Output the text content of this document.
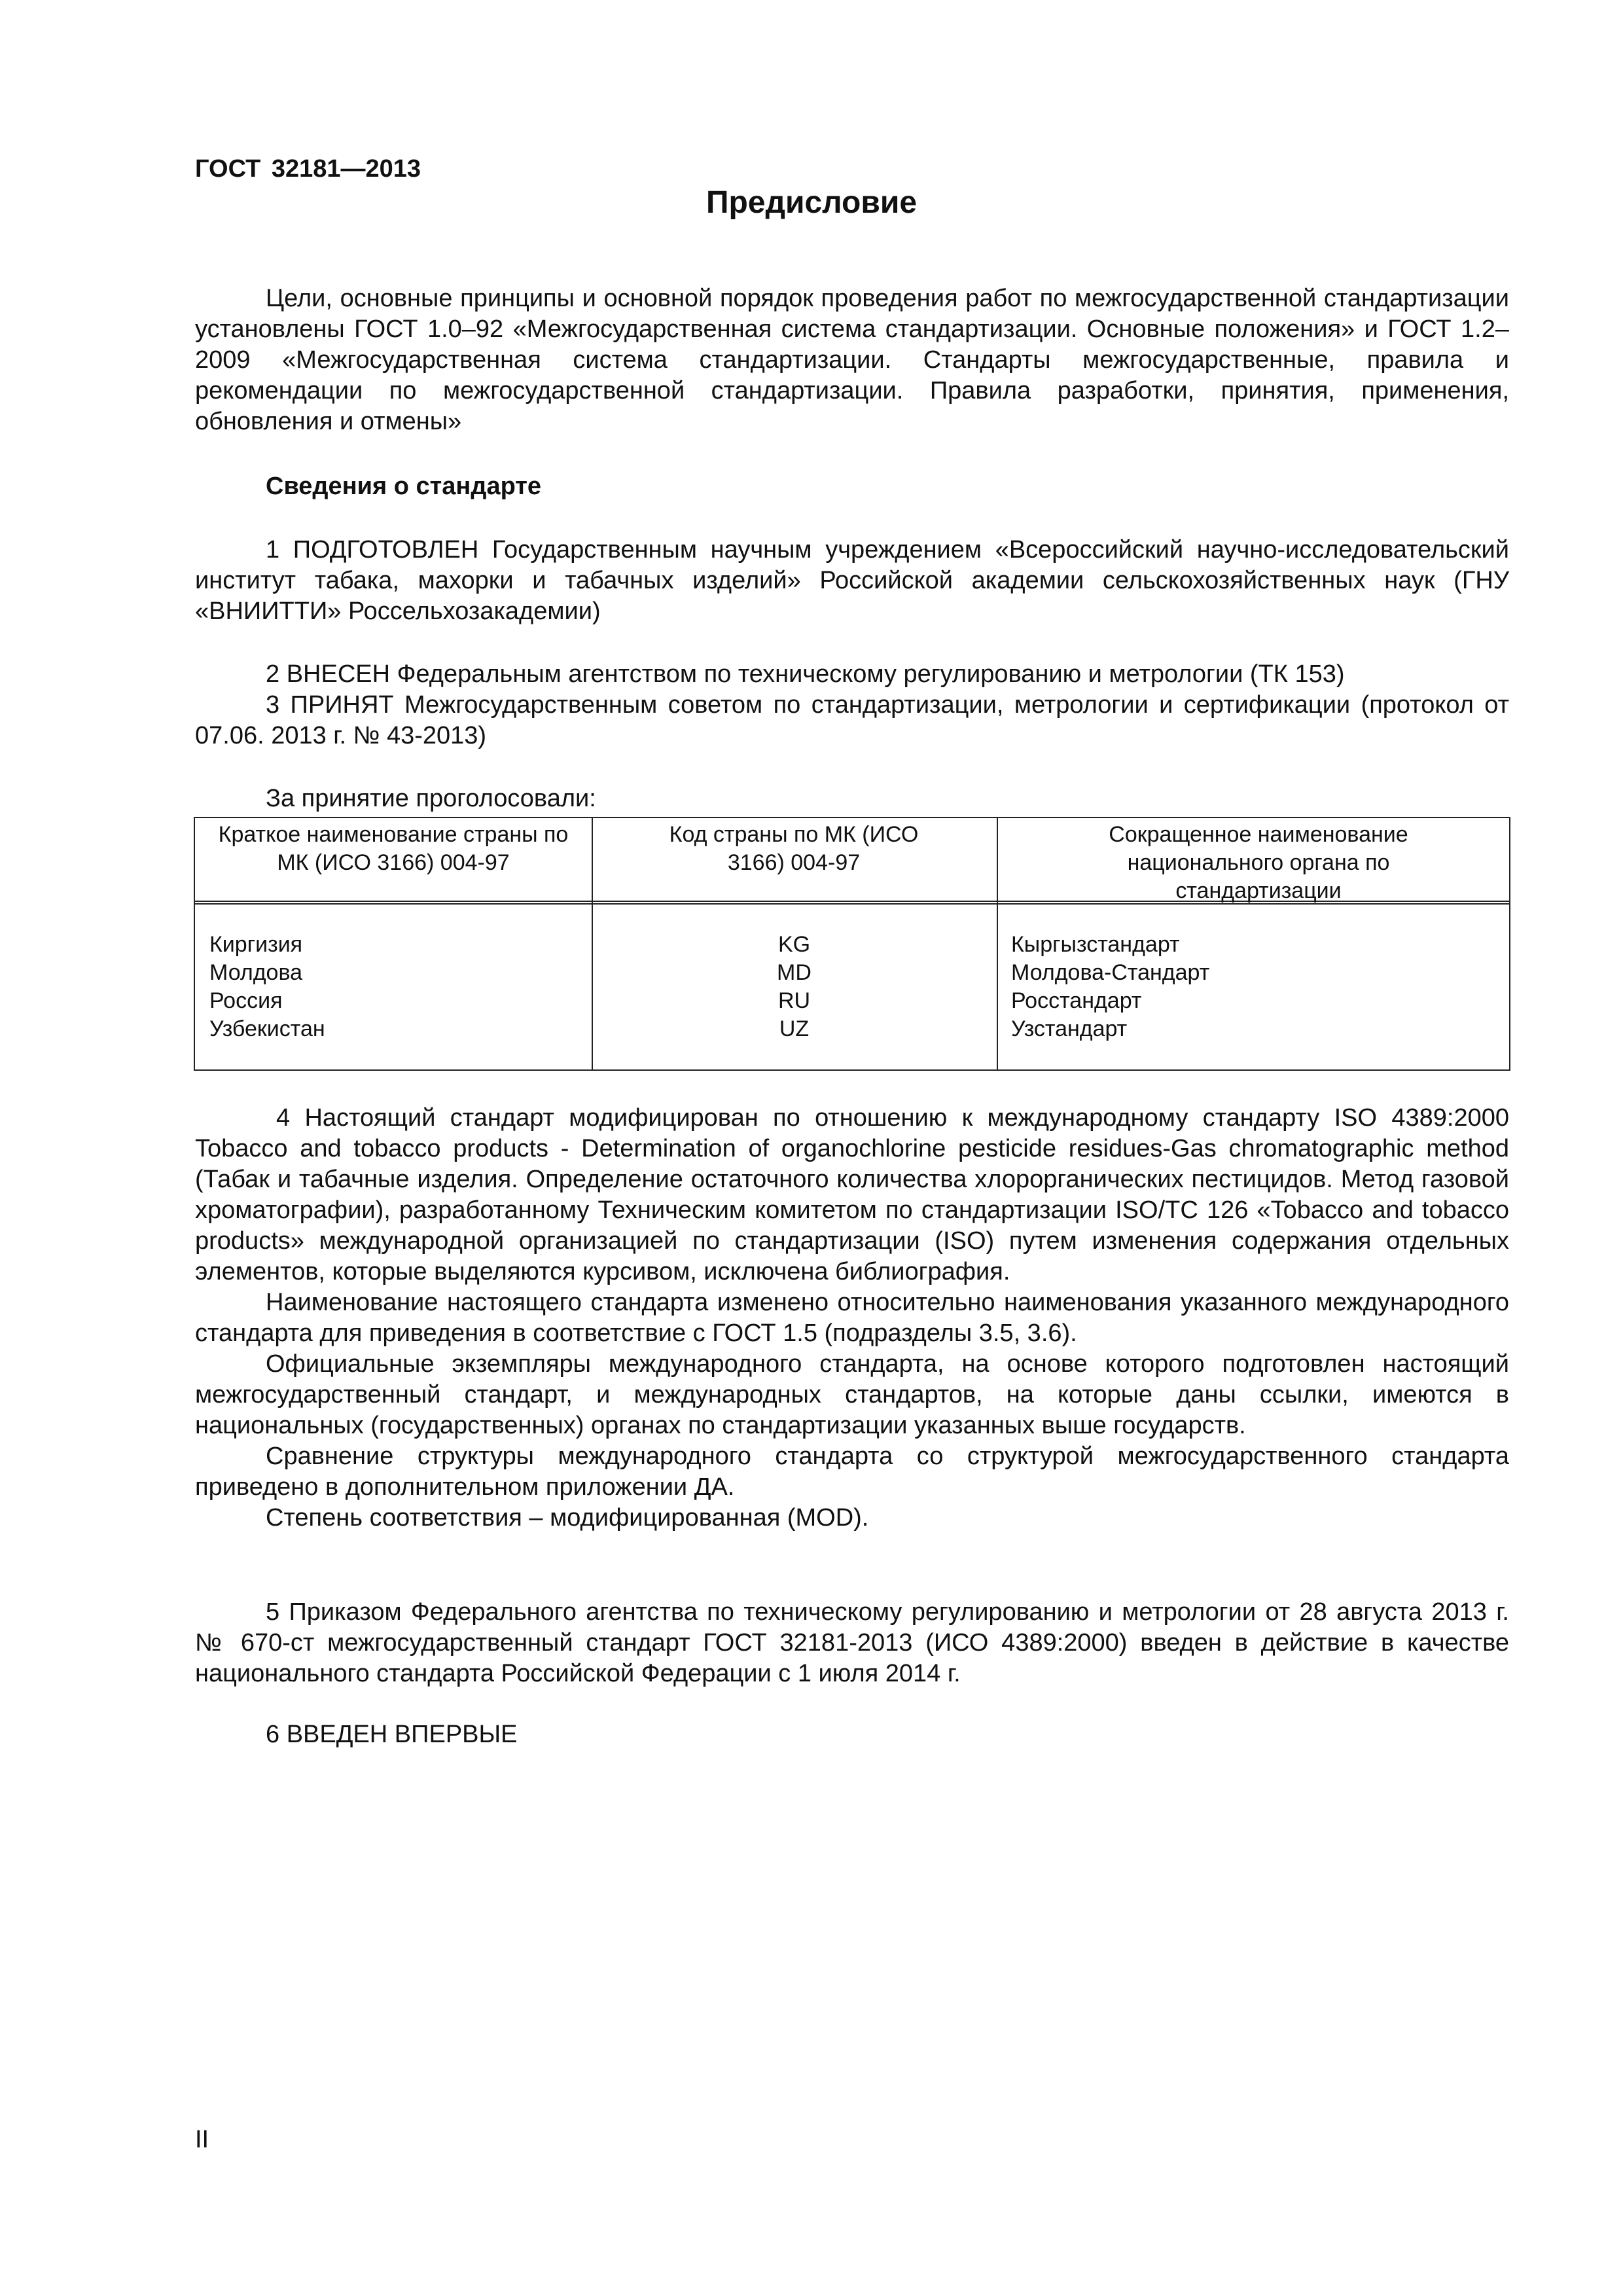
ГОСТ 32181—2013
Предисловие

Цели, основные принципы и основной порядок проведения работ по межгосударственной стандартизации установлены ГОСТ 1.0–92 «Межгосударственная система стандартизации. Основные положения» и ГОСТ 1.2–2009 «Межгосударственная система стандартизации. Стандарты межгосударственные, правила и рекомендации по межгосударственной стандартизации. Правила разработки, принятия, применения, обновления и отмены»

Сведения о стандарте

1 ПОДГОТОВЛЕН Государственным научным учреждением «Всероссийский научно-исследовательский институт табака, махорки и табачных изделий» Российской академии сельскохозяйственных наук (ГНУ «ВНИИТТИ» Россельхозакадемии)

2 ВНЕСЕН Федеральным агентством по техническому регулированию и метрологии (ТК 153)

3 ПРИНЯТ Межгосударственным советом по стандартизации, метрологии и сертификации (протокол от 07.06. 2013 г. № 43-2013)

За принятие проголосовали:

Краткое наименование страны по МК (ИСО 3166) 004-97
Код страны по МК (ИСО 3166) 004-97
Сокращенное наименование национального органа по стандартизации
Киргизия
Молдова
Россия
Узбекистан
KG
MD
RU
UZ
Кыргызстандарт
Молдова-Стандарт
Росстандарт
Узстандарт

4 Настоящий стандарт модифицирован по отношению к международному стандарту ISO 4389:2000 Tobacco and tobacco products - Determination of organochlorine pesticide residues-Gas chromatographic method (Табак и табачные изделия. Определение остаточного количества хлорорганических пестицидов. Метод газовой хроматографии), разработанному Техническим комитетом по стандартизации ISO/TC 126 «Tobacco and tobacco products» международной организацией по стандартизации (ISO) путем изменения содержания отдельных элементов, которые выделяются курсивом, исключена библиография.

Наименование настоящего стандарта изменено относительно наименования указанного международного стандарта для приведения в соответствие с ГОСТ 1.5 (подразделы 3.5, 3.6).

Официальные экземпляры международного стандарта, на основе которого подготовлен настоящий межгосударственный стандарт, и международных стандартов, на которые даны ссылки, имеются в национальных (государственных) органах по стандартизации указанных выше государств.

Сравнение структуры международного стандарта со структурой межгосударственного стандарта приведено в дополнительном приложении ДА.

Степень соответствия – модифицированная (MOD).

5 Приказом Федерального агентства по техническому регулированию и метрологии от 28 августа 2013 г. № 670-ст межгосударственный стандарт ГОСТ 32181-2013 (ИСО 4389:2000) введен в действие в качестве национального стандарта Российской Федерации с 1 июля 2014 г.

6 ВВЕДЕН ВПЕРВЫЕ

II
